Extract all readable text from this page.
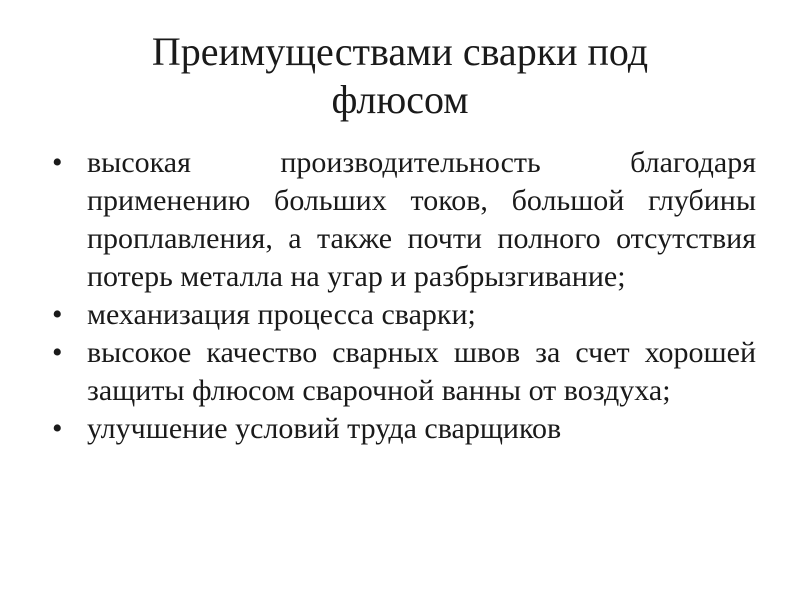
Преимуществами сварки под флюсом
• высокая производительность благодаря применению больших токов, большой глубины проплавления, а также почти полного отсутствия потерь металла на угар и разбрызгивание;
• механизация процесса сварки;
• высокое качество сварных швов за счет хорошей защиты флюсом сварочной ванны от воздуха;
• улучшение условий труда сварщиков
